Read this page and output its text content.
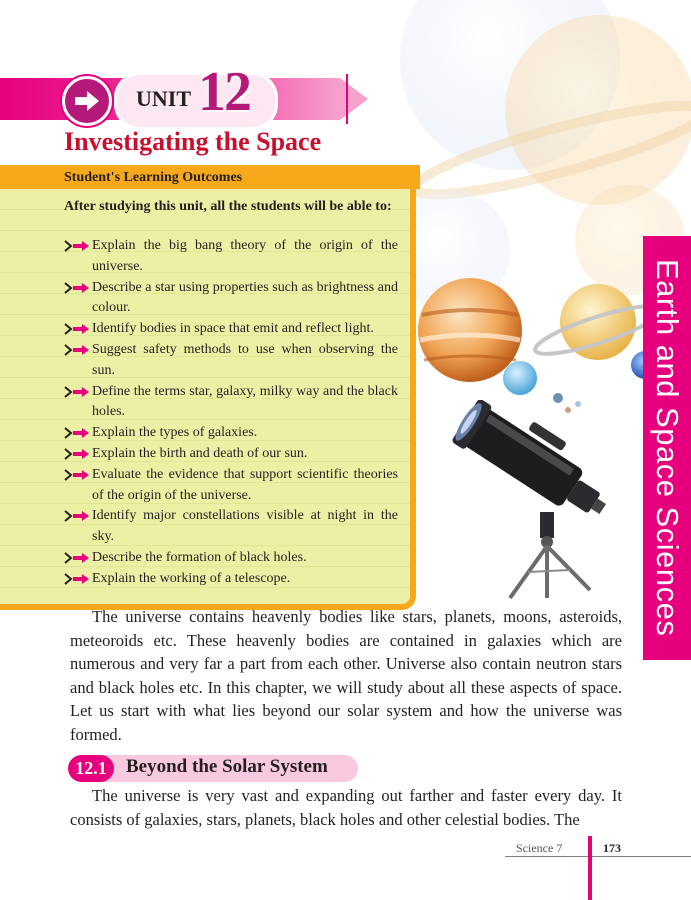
UNIT 12
Investigating the Space
Student's Learning Outcomes

After studying this unit, all the students will be able to:

Explain the big bang theory of the origin of the universe.
Describe a star using properties such as brightness and colour.
Identify bodies in space that emit and reflect light.
Suggest safety methods to use when observing the sun.
Define the terms star, galaxy, milky way and the black holes.
Explain the types of galaxies.
Explain the birth and death of our sun.
Evaluate the evidence that support scientific theories of the origin of the universe.
Identify major constellations visible at night in the sky.
Describe the formation of black holes.
Explain the working of a telescope.	Earth and Space Sciences

The universe contains heavenly bodies like stars, planets, moons, asteroids, meteoroids etc. These heavenly bodies are contained in galaxies which are numerous and very far a part from each other. Universe also contain neutron stars and black holes etc. In this chapter, we will study about all these aspects of space. Let us start with what lies beyond our solar system and how the universe was formed.

12.1	Beyond the Solar System

The universe is very vast and expanding out farther and faster every day. It consists of galaxies, stars, planets, black holes and other celestial bodies. The

Science 7	173
